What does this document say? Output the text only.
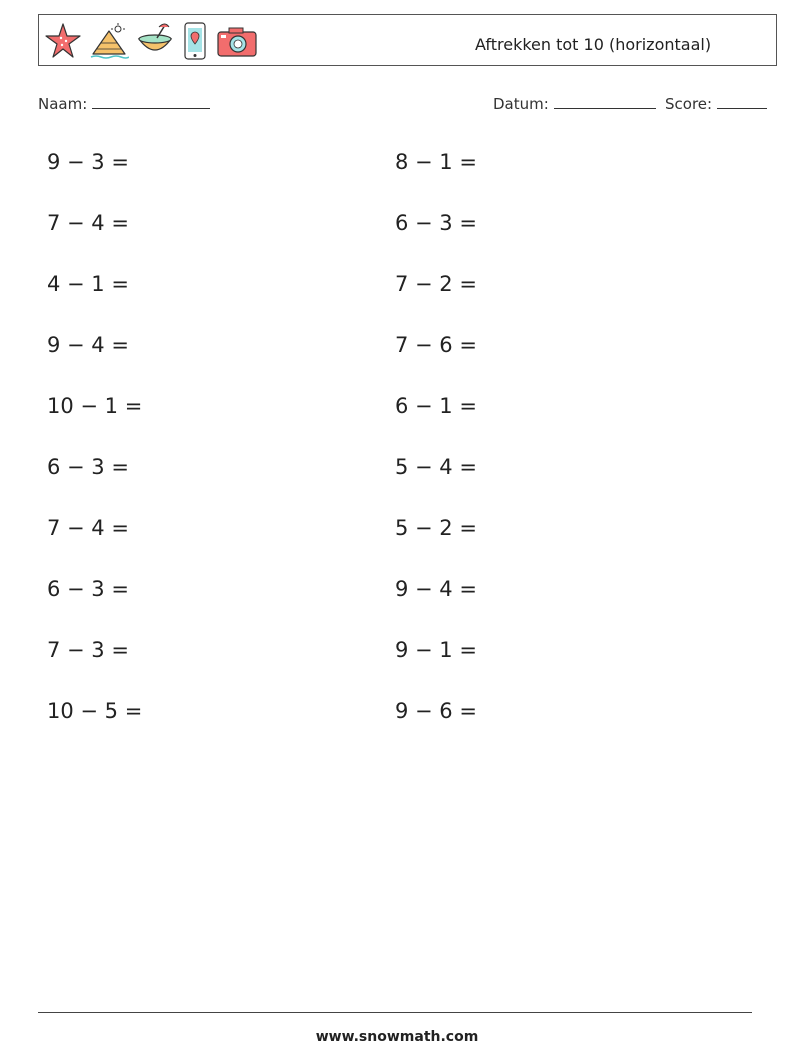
Aftrekken tot 10 (horizontaal)
Naam:	Datum:	Score:
9 − 3 =
7 − 4 =
4 − 1 =
9 − 4 =
10 − 1 =
6 − 3 =
7 − 4 =
6 − 3 =
7 − 3 =
10 − 5 =
8 − 1 =
6 − 3 =
7 − 2 =
7 − 6 =
6 − 1 =
5 − 4 =
5 − 2 =
9 − 4 =
9 − 1 =
9 − 6 =
www.snowmath.com
